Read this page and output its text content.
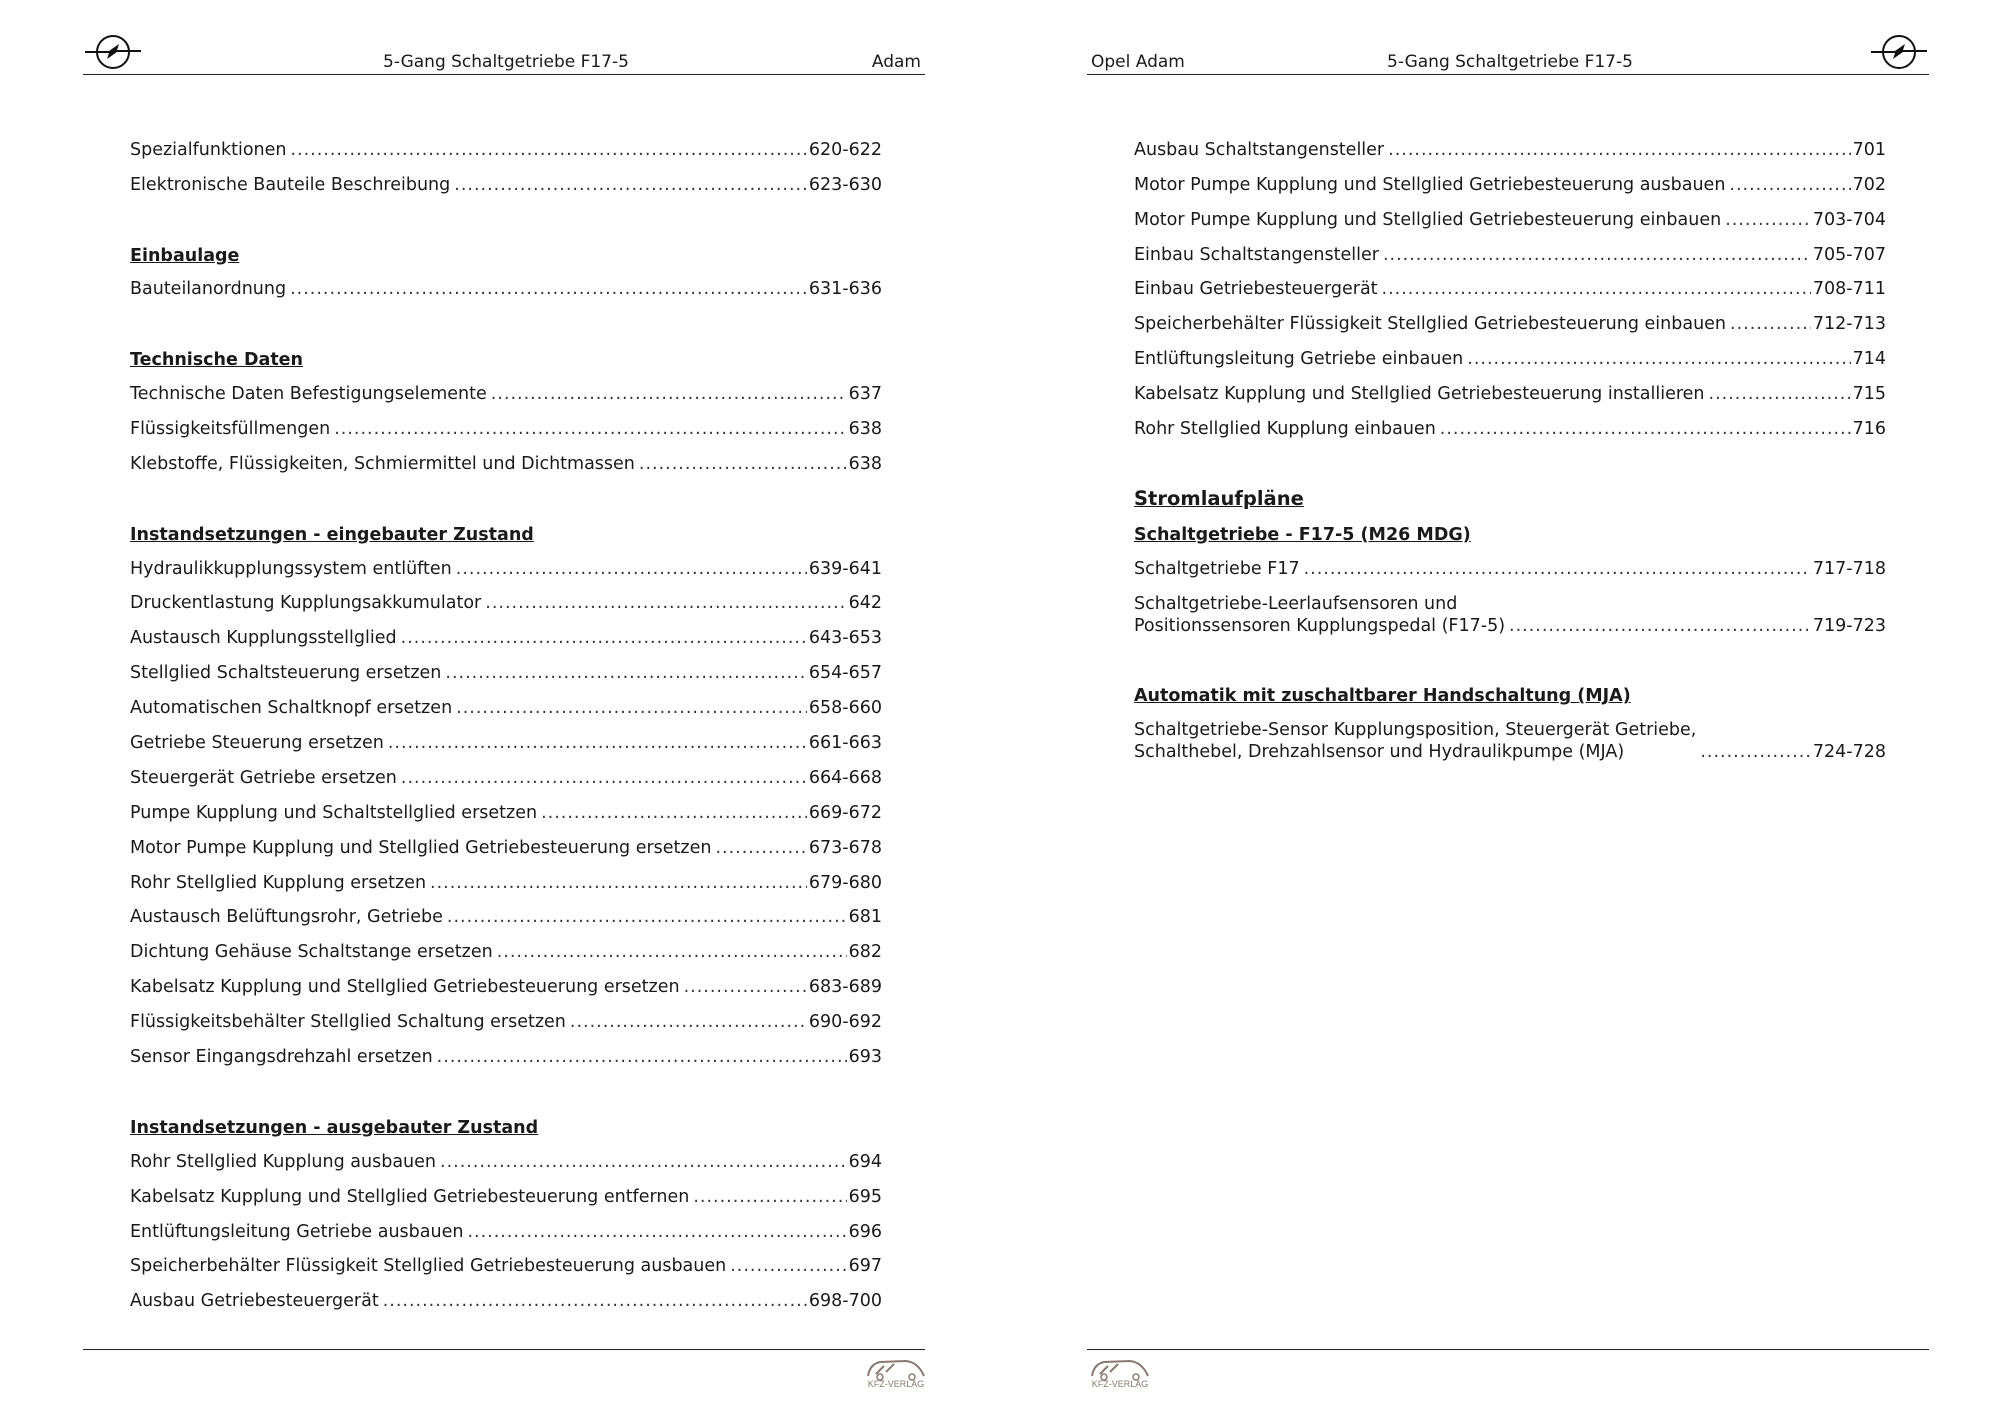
5-Gang Schaltgetriebe F17-5	Adam
Spezialfunktionen .....	620-622
Elektronische Bauteile Beschreibung .....	623-630
Einbaulage
Bauteilanordnung .....	631-636
Technische Daten
Technische Daten Befestigungselemente .....	637
Flüssigkeitsfüllmengen .....	638
Klebstoffe, Flüssigkeiten, Schmiermittel und Dichtmassen .....	638
Instandsetzungen - eingebauter Zustand
Hydraulikkupplungssystem entlüften .....	639-641
Druckentlastung Kupplungsakkumulator .....	642
Austausch Kupplungsstellglied .....	643-653
Stellglied Schaltsteuerung ersetzen .....	654-657
Automatischen Schaltknopf ersetzen .....	658-660
Getriebe Steuerung ersetzen .....	661-663
Steuergerät Getriebe ersetzen .....	664-668
Pumpe Kupplung und Schaltstellglied ersetzen .....	669-672
Motor Pumpe Kupplung und Stellglied Getriebesteuerung ersetzen .....	673-678
Rohr Stellglied Kupplung ersetzen .....	679-680
Austausch Belüftungsrohr, Getriebe .....	681
Dichtung Gehäuse Schaltstange ersetzen .....	682
Kabelsatz Kupplung und Stellglied Getriebesteuerung ersetzen .....	683-689
Flüssigkeitsbehälter Stellglied Schaltung ersetzen .....	690-692
Sensor Eingangsdrehzahl ersetzen .....	693
Instandsetzungen - ausgebauter Zustand
Rohr Stellglied Kupplung ausbauen .....	694
Kabelsatz Kupplung und Stellglied Getriebesteuerung entfernen .....	695
Entlüftungsleitung Getriebe ausbauen .....	696
Speicherbehälter Flüssigkeit Stellglied Getriebesteuerung ausbauen .....	697
Ausbau Getriebesteuergerät .....	698-700
KFZ-VERLAG
Opel Adam	5-Gang Schaltgetriebe F17-5
Ausbau Schaltstangensteller .....	701
Motor Pumpe Kupplung und Stellglied Getriebesteuerung ausbauen .....	702
Motor Pumpe Kupplung und Stellglied Getriebesteuerung einbauen .....	703-704
Einbau Schaltstangensteller .....	705-707
Einbau Getriebesteuergerät .....	708-711
Speicherbehälter Flüssigkeit Stellglied Getriebesteuerung einbauen .....	712-713
Entlüftungsleitung Getriebe einbauen .....	714
Kabelsatz Kupplung und Stellglied Getriebesteuerung installieren .....	715
Rohr Stellglied Kupplung einbauen .....	716
Stromlaufpläne
Schaltgetriebe - F17-5 (M26 MDG)
Schaltgetriebe F17 .....	717-718
Schaltgetriebe-Leerlaufsensoren und
Positionssensoren Kupplungspedal (F17-5) .....	719-723
Automatik mit zuschaltbarer Handschaltung (MJA)
Schaltgetriebe-Sensor Kupplungsposition, Steuergerät Getriebe,
Schalthebel, Drehzahlsensor und Hydraulikpumpe (MJA) .....	724-728
KFZ-VERLAG
